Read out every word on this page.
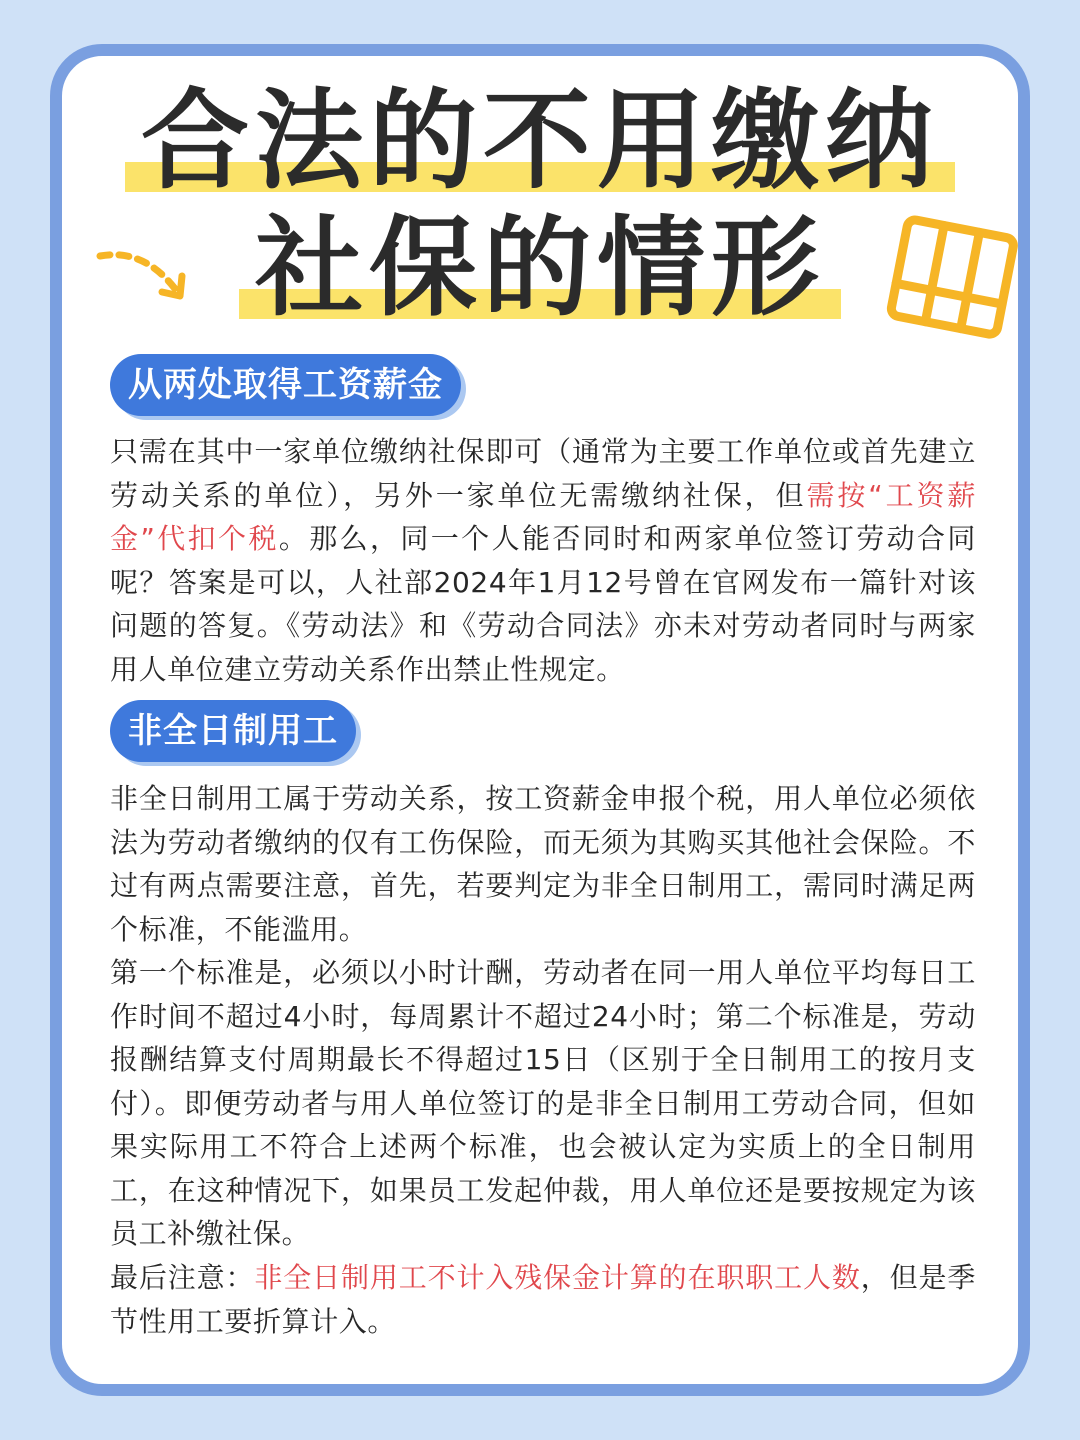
合法的不用缴纳
社保的情形
从两处取得工资薪金

只需在其中一家单位缴纳社保即可（通常为主要工作单位或首先建立劳动关系的单位），另外一家单位无需缴纳社保，但需按“工资薪金”代扣个税。那么，同一个人能否同时和两家单位签订劳动合同呢？答案是可以，人社部2024年1月12号曾在官网发布一篇针对该问题的答复。《劳动法》和《劳动合同法》亦未对劳动者同时与两家用人单位建立劳动关系作出禁止性规定。

非全日制用工

非全日制用工属于劳动关系，按工资薪金申报个税，用人单位必须依法为劳动者缴纳的仅有工伤保险，而无须为其购买其他社会保险。不过有两点需要注意，首先，若要判定为非全日制用工，需同时满足两个标准，不能滥用。

第一个标准是，必须以小时计酬，劳动者在同一用人单位平均每日工作时间不超过4小时，每周累计不超过24小时；第二个标准是，劳动报酬结算支付周期最长不得超过15日（区别于全日制用工的按月支付）。即便劳动者与用人单位签订的是非全日制用工劳动合同，但如果实际用工不符合上述两个标准，也会被认定为实质上的全日制用工，在这种情况下，如果员工发起仲裁，用人单位还是要按规定为该员工补缴社保。

最后注意：非全日制用工不计入残保金计算的在职职工人数，但是季节性用工要折算计入。
